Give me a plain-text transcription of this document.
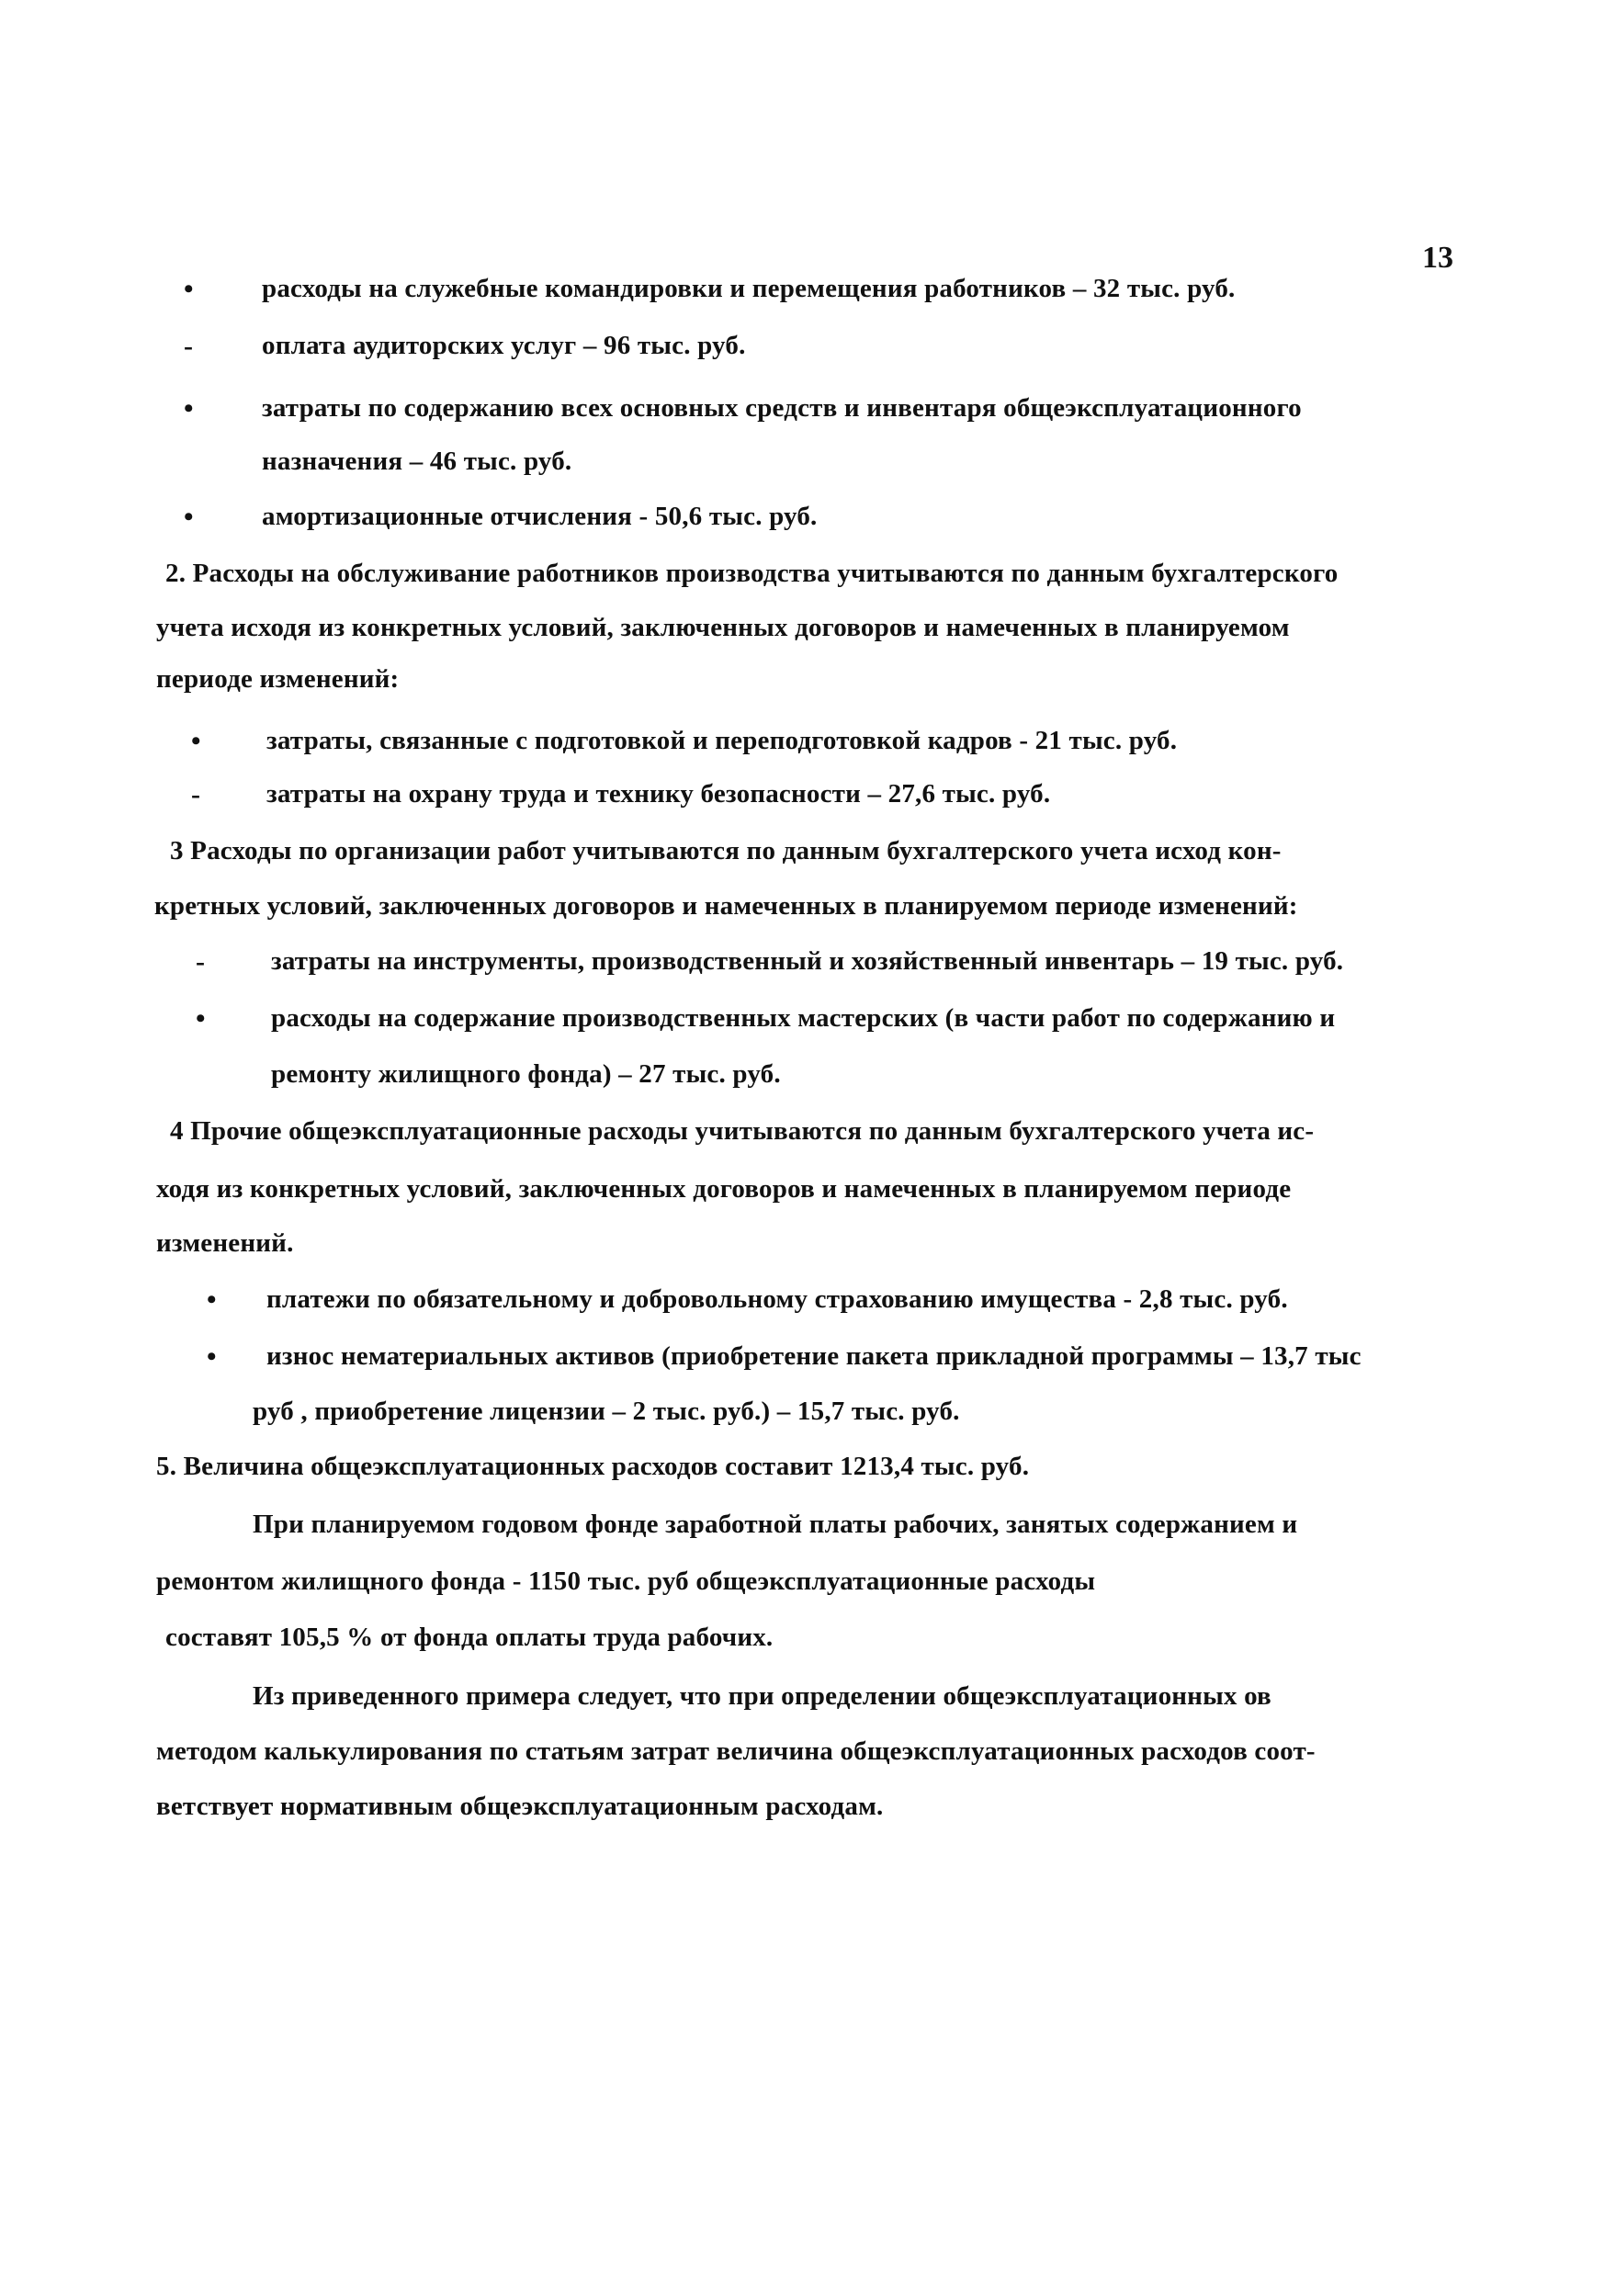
13
•	расходы на служебные командировки и перемещения работников – 32 тыс. руб.
-	оплата аудиторских услуг – 96 тыс. руб.
•	затраты по содержанию всех основных средств и инвентаря общеэксплуатационного
назначения – 46 тыс. руб.
•	амортизационные отчисления - 50,6 тыс. руб.
2. Расходы на обслуживание работников производства учитываются по данным бухгалтерского
учета исходя из конкретных условий, заключенных договоров и намеченных в планируемом
периоде изменений:
• затраты, связанные с подготовкой и переподготовкой кадров - 21 тыс. руб.
- затраты на охрану труда и технику безопасности – 27,6 тыс. руб.
3 Расходы по организации работ учитываются по данным бухгалтерского учета исход кон-
кретных условий, заключенных договоров и намеченных в планируемом периоде изменений:
- затраты на инструменты, производственный и хозяйственный инвентарь – 19 тыс. руб.
• расходы на содержание производственных мастерских (в части работ по содержанию и
ремонту жилищного фонда) – 27 тыс. руб.
4 Прочие общеэксплуатационные расходы учитываются по данным бухгалтерского учета ис-
ходя из конкретных условий, заключенных договоров и намеченных в планируемом периоде
изменений.
• платежи по обязательному и добровольному страхованию имущества - 2,8 тыс. руб.
• износ нематериальных активов (приобретение пакета прикладной программы – 13,7 тыс
руб , приобретение лицензии – 2 тыс. руб.) – 15,7 тыс. руб.
5. Величина общеэксплуатационных расходов составит 1213,4 тыс. руб.
При планируемом годовом фонде заработной платы рабочих, занятых содержанием и
ремонтом жилищного фонда - 1150 тыс. руб общеэксплуатационные расходы
составят 105,5 % от фонда оплаты труда рабочих.
Из приведенного примера следует, что при определении общеэксплуатационных ов
методом калькулирования по статьям затрат величина общеэксплуатационных расходов соот-
ветствует нормативным общеэксплуатационным расходам.
